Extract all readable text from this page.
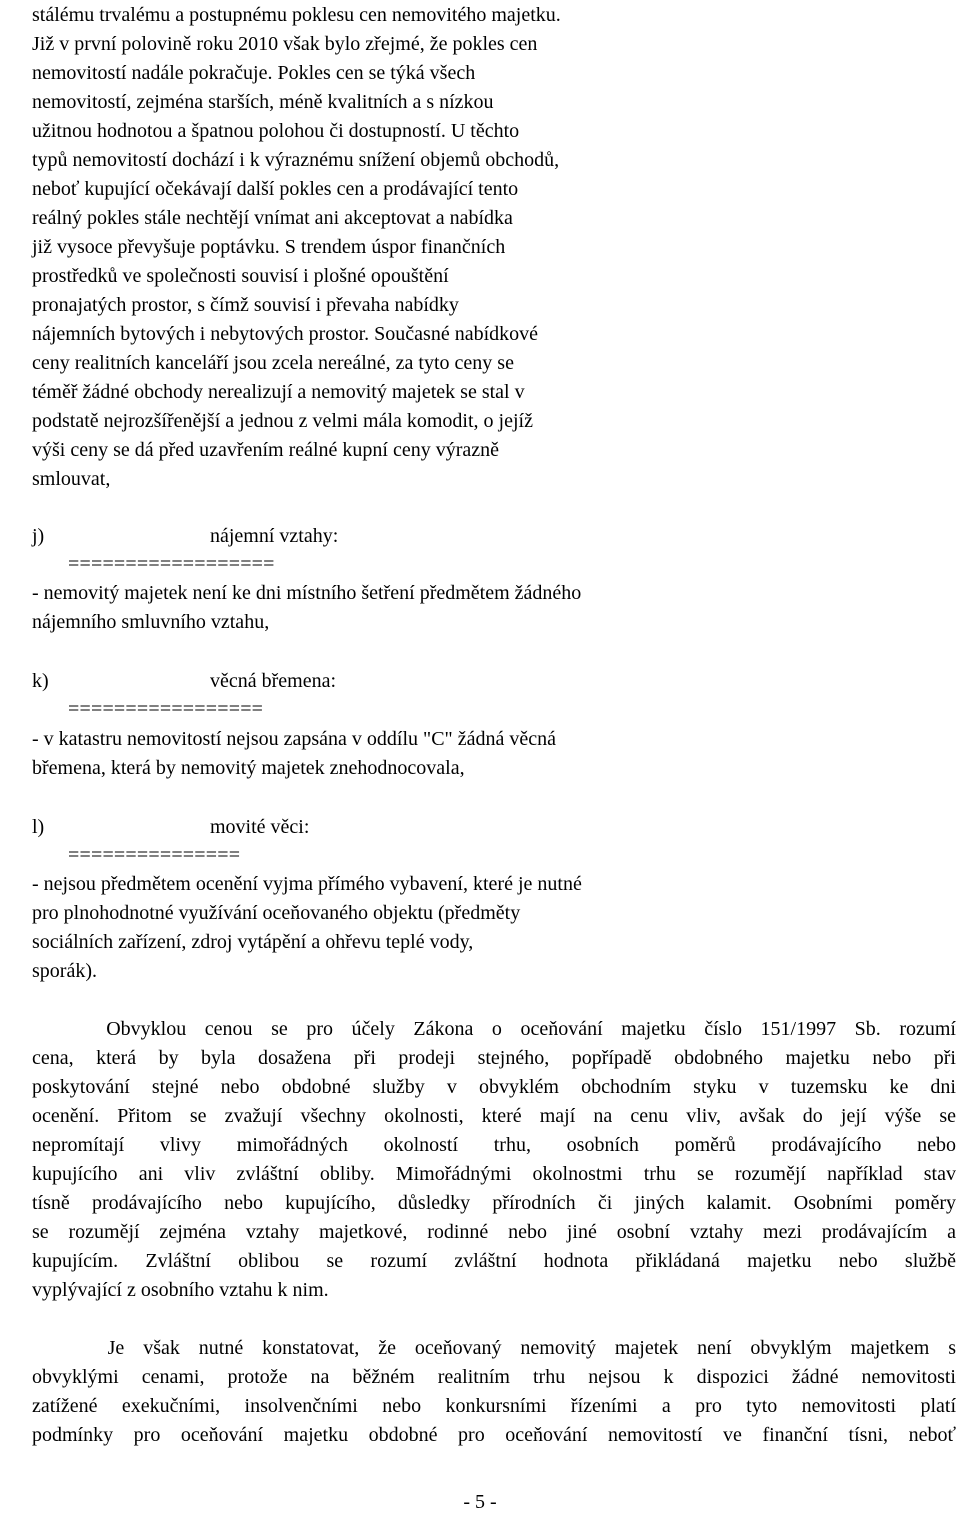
stálému trvalému a postupnému poklesu cen nemovitého majetku.
Již v první polovině roku 2010 však bylo zřejmé, že pokles cen
nemovitostí nadále pokračuje. Pokles cen se týká všech
nemovitostí, zejména starších, méně kvalitních a s nízkou
užitnou hodnotou a špatnou polohou či dostupností. U těchto
typů nemovitostí dochází i k výraznému snížení objemů obchodů,
neboť kupující očekávají další pokles cen a prodávající tento
reálný pokles stále nechtějí vnímat ani akceptovat a nabídka
již vysoce převyšuje poptávku. S trendem úspor finančních
prostředků ve společnosti souvisí i plošné opouštění
pronajatých prostor, s čímž souvisí i převaha nabídky
nájemních bytových i nebytových prostor. Současné nabídkové
ceny realitních kanceláří jsou zcela nereálné, za tyto ceny se
téměř žádné obchody nerealizují a nemovitý majetek se stal v
podstatě nejrozšířenější a jednou z velmi mála komodit, o jejíž
výši ceny se dá před uzavřením reálné kupní ceny výrazně
smlouvat,
j)	nájemní vztahy:
==================
- nemovitý majetek není ke dni místního šetření předmětem žádného
nájemního smluvního vztahu,
k)	věcná břemena:
=================
- v katastru nemovitostí nejsou zapsána v oddílu "C" žádná věcná
břemena, která by nemovitý majetek znehodnocovala,
l)	movité věci:
===============
- nejsou předmětem ocenění vyjma přímého vybavení, které je nutné
pro plnohodnotné využívání oceňovaného objektu (předměty
sociálních zařízení, zdroj vytápění a ohřevu teplé vody,
sporák).
Obvyklou cenou se pro účely Zákona o oceňování majetku číslo 151/1997 Sb. rozumí
cena, která by byla dosažena při prodeji stejného, popřípadě obdobného majetku nebo při
poskytování stejné nebo obdobné služby v obvyklém obchodním styku v tuzemsku ke dni
ocenění. Přitom se zvažují všechny okolnosti, které mají na cenu vliv, avšak do její výše se
nepromítají vlivy mimořádných okolností trhu, osobních poměrů prodávajícího nebo
kupujícího ani vliv zvláštní obliby. Mimořádnými okolnostmi trhu se rozumějí například stav
tísně prodávajícího nebo kupujícího, důsledky přírodních či jiných kalamit. Osobními poměry
se rozumějí zejména vztahy majetkové, rodinné nebo jiné osobní vztahy mezi prodávajícím a
kupujícím. Zvláštní oblibou se rozumí zvláštní hodnota přikládaná majetku nebo službě
vyplývající z osobního vztahu k nim.
Je však nutné konstatovat, že oceňovaný nemovitý majetek není obvyklým majetkem s
obvyklými cenami, protože na běžném realitním trhu nejsou k dispozici žádné nemovitosti
zatížené exekučními, insolvenčními nebo konkursními řízeními a pro tyto nemovitosti platí
podmínky pro oceňování majetku obdobné pro oceňování nemovitostí ve finanční tísni, neboť
- 5 -
